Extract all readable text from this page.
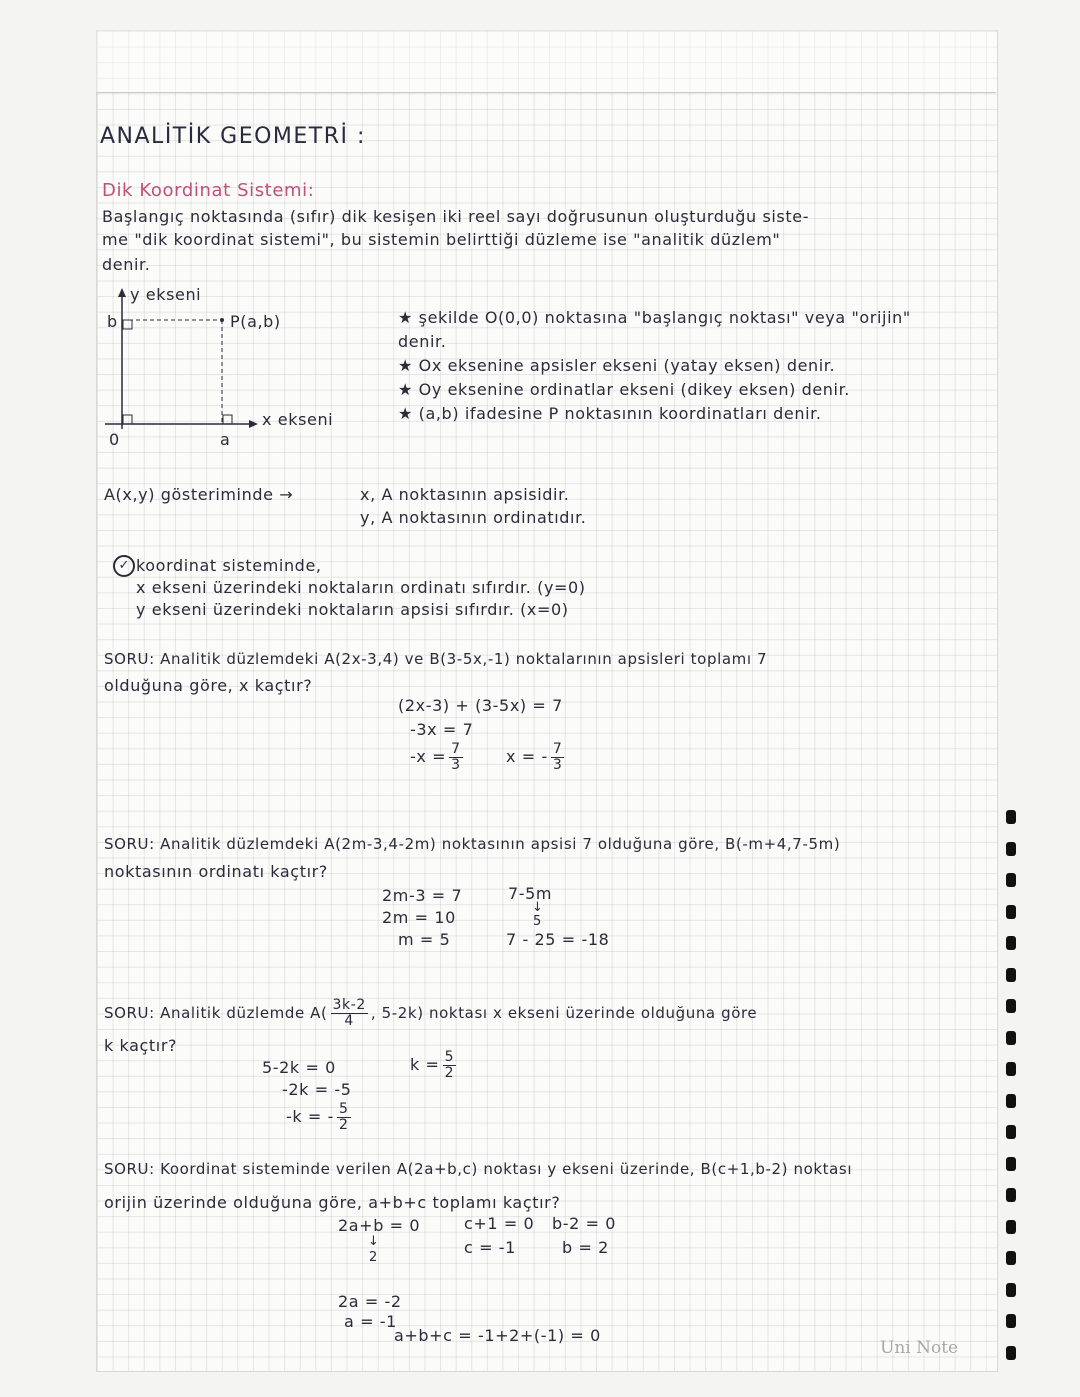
ANALİTİK GEOMETRİ :
Dik Koordinat Sistemi:
Başlangıç noktasında (sıfır) dik kesişen iki reel sayı doğrusunun oluşturduğu siste-
me "dik koordinat sistemi", bu sistemin belirttiği düzleme ise "analitik düzlem"
denir.
y ekseni
b	P(a,b)
x ekseni
0	a
★ şekilde O(0,0) noktasına "başlangıç noktası" veya "orijin"
denir.
★ Ox eksenine apsisler ekseni (yatay eksen) denir.
★ Oy eksenine ordinatlar ekseni (dikey eksen) denir.
★ (a,b) ifadesine P noktasının koordinatları denir.
A(x,y) gösteriminde →	x, A noktasının apsisidir.
y, A noktasının ordinatıdır.
✓ koordinat sisteminde,
x ekseni üzerindeki noktaların ordinatı sıfırdır. (y=0)
y ekseni üzerindeki noktaların apsisi sıfırdır. (x=0)
SORU: Analitik düzlemdeki A(2x-3,4) ve B(3-5x,-1) noktalarının apsisleri toplamı 7
olduğuna göre, x kaçtır?
(2x-3) + (3-5x) = 7
-3x = 7
$-x = \frac{7}{3}$	x = - $\frac{7}{3}$
SORU: Analitik düzlemdeki A(2m-3,4-2m) noktasının apsisi 7 olduğuna göre, B(-m+4,7-5m)
noktasının ordinatı kaçtır?
2m-3 = 7
2m = 10
m = 5
7-5m
↓
5
7 - 25 = -18
SORU: Analitik düzlemde $A( \frac{3k-2}{4}$ , 5-2k) noktası x ekseni üzerinde olduğuna göre
k kaçtır?
5-2k = 0
-2k = -5
-k = - $\frac{5}{2}$
$k = \frac{5}{2}$
SORU: Koordinat sisteminde verilen A(2a+b,c) noktası y ekseni üzerinde, B(c+1,b-2) noktası
orijin üzerinde olduğuna göre, a+b+c toplamı kaçtır?
2a+b = 0
↓
2
c+1 = 0
c = -1
b-2 = 0
b = 2
2a = -2
a = -1
a+b+c = -1+2+(-1) = 0
Uni Note
